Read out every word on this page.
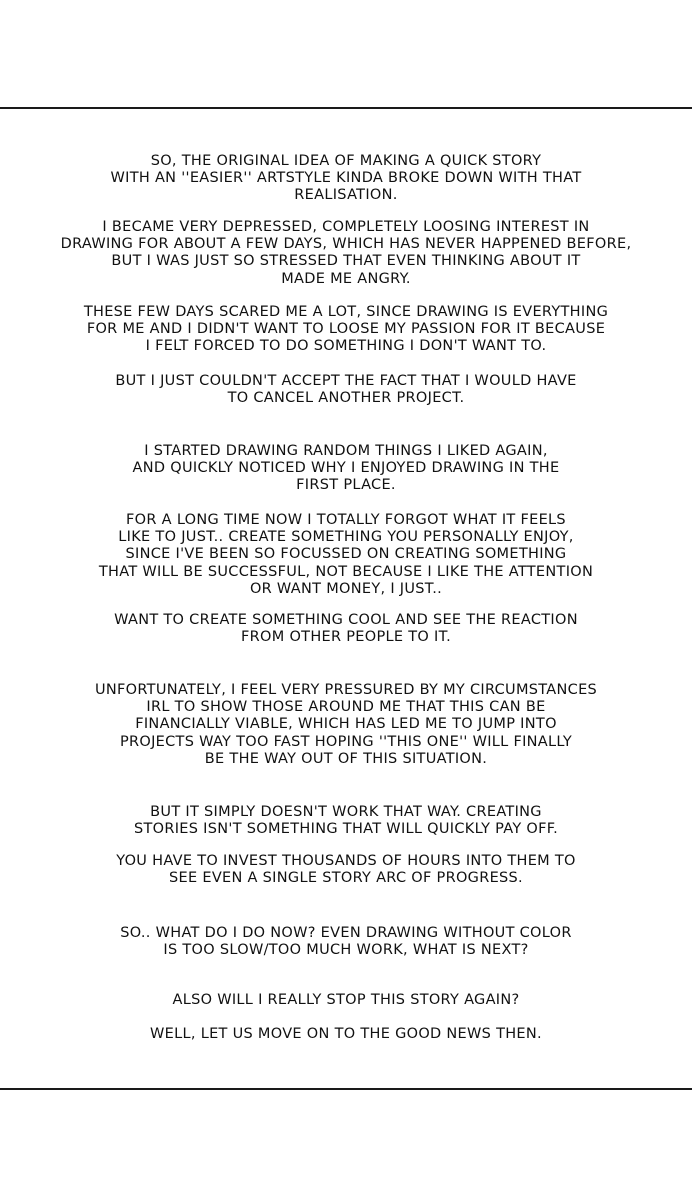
SO, THE ORIGINAL IDEA OF MAKING A QUICK STORY
WITH AN ''EASIER'' ARTSTYLE KINDA BROKE DOWN WITH THAT
REALISATION.
I BECAME VERY DEPRESSED, COMPLETELY LOOSING INTEREST IN
DRAWING FOR ABOUT A FEW DAYS, WHICH HAS NEVER HAPPENED BEFORE,
BUT I WAS JUST SO STRESSED THAT EVEN THINKING ABOUT IT
MADE ME ANGRY.
THESE FEW DAYS SCARED ME A LOT, SINCE DRAWING IS EVERYTHING
FOR ME AND I DIDN'T WANT TO LOOSE MY PASSION FOR IT BECAUSE
I FELT FORCED TO DO SOMETHING I DON'T WANT TO.
BUT I JUST COULDN'T ACCEPT THE FACT THAT I WOULD HAVE
TO CANCEL ANOTHER PROJECT.
I STARTED DRAWING RANDOM THINGS I LIKED AGAIN,
AND QUICKLY NOTICED WHY I ENJOYED DRAWING IN THE
FIRST PLACE.
FOR A LONG TIME NOW I TOTALLY FORGOT WHAT IT FEELS
LIKE TO JUST.. CREATE SOMETHING YOU PERSONALLY ENJOY,
SINCE I'VE BEEN SO FOCUSSED ON CREATING SOMETHING
THAT WILL BE SUCCESSFUL, NOT BECAUSE I LIKE THE ATTENTION
OR WANT MONEY, I JUST..
WANT TO CREATE SOMETHING COOL AND SEE THE REACTION
FROM OTHER PEOPLE TO IT.
UNFORTUNATELY, I FEEL VERY PRESSURED BY MY CIRCUMSTANCES
IRL TO SHOW THOSE AROUND ME THAT THIS CAN BE
FINANCIALLY VIABLE, WHICH HAS LED ME TO JUMP INTO
PROJECTS WAY TOO FAST HOPING ''THIS ONE'' WILL FINALLY
BE THE WAY OUT OF THIS SITUATION.
BUT IT SIMPLY DOESN'T WORK THAT WAY. CREATING
STORIES ISN'T SOMETHING THAT WILL QUICKLY PAY OFF.
YOU HAVE TO INVEST THOUSANDS OF HOURS INTO THEM TO
SEE EVEN A SINGLE STORY ARC OF PROGRESS.
SO.. WHAT DO I DO NOW? EVEN DRAWING WITHOUT COLOR
IS TOO SLOW/TOO MUCH WORK, WHAT IS NEXT?
ALSO WILL I REALLY STOP THIS STORY AGAIN?
WELL, LET US MOVE ON TO THE GOOD NEWS THEN.
